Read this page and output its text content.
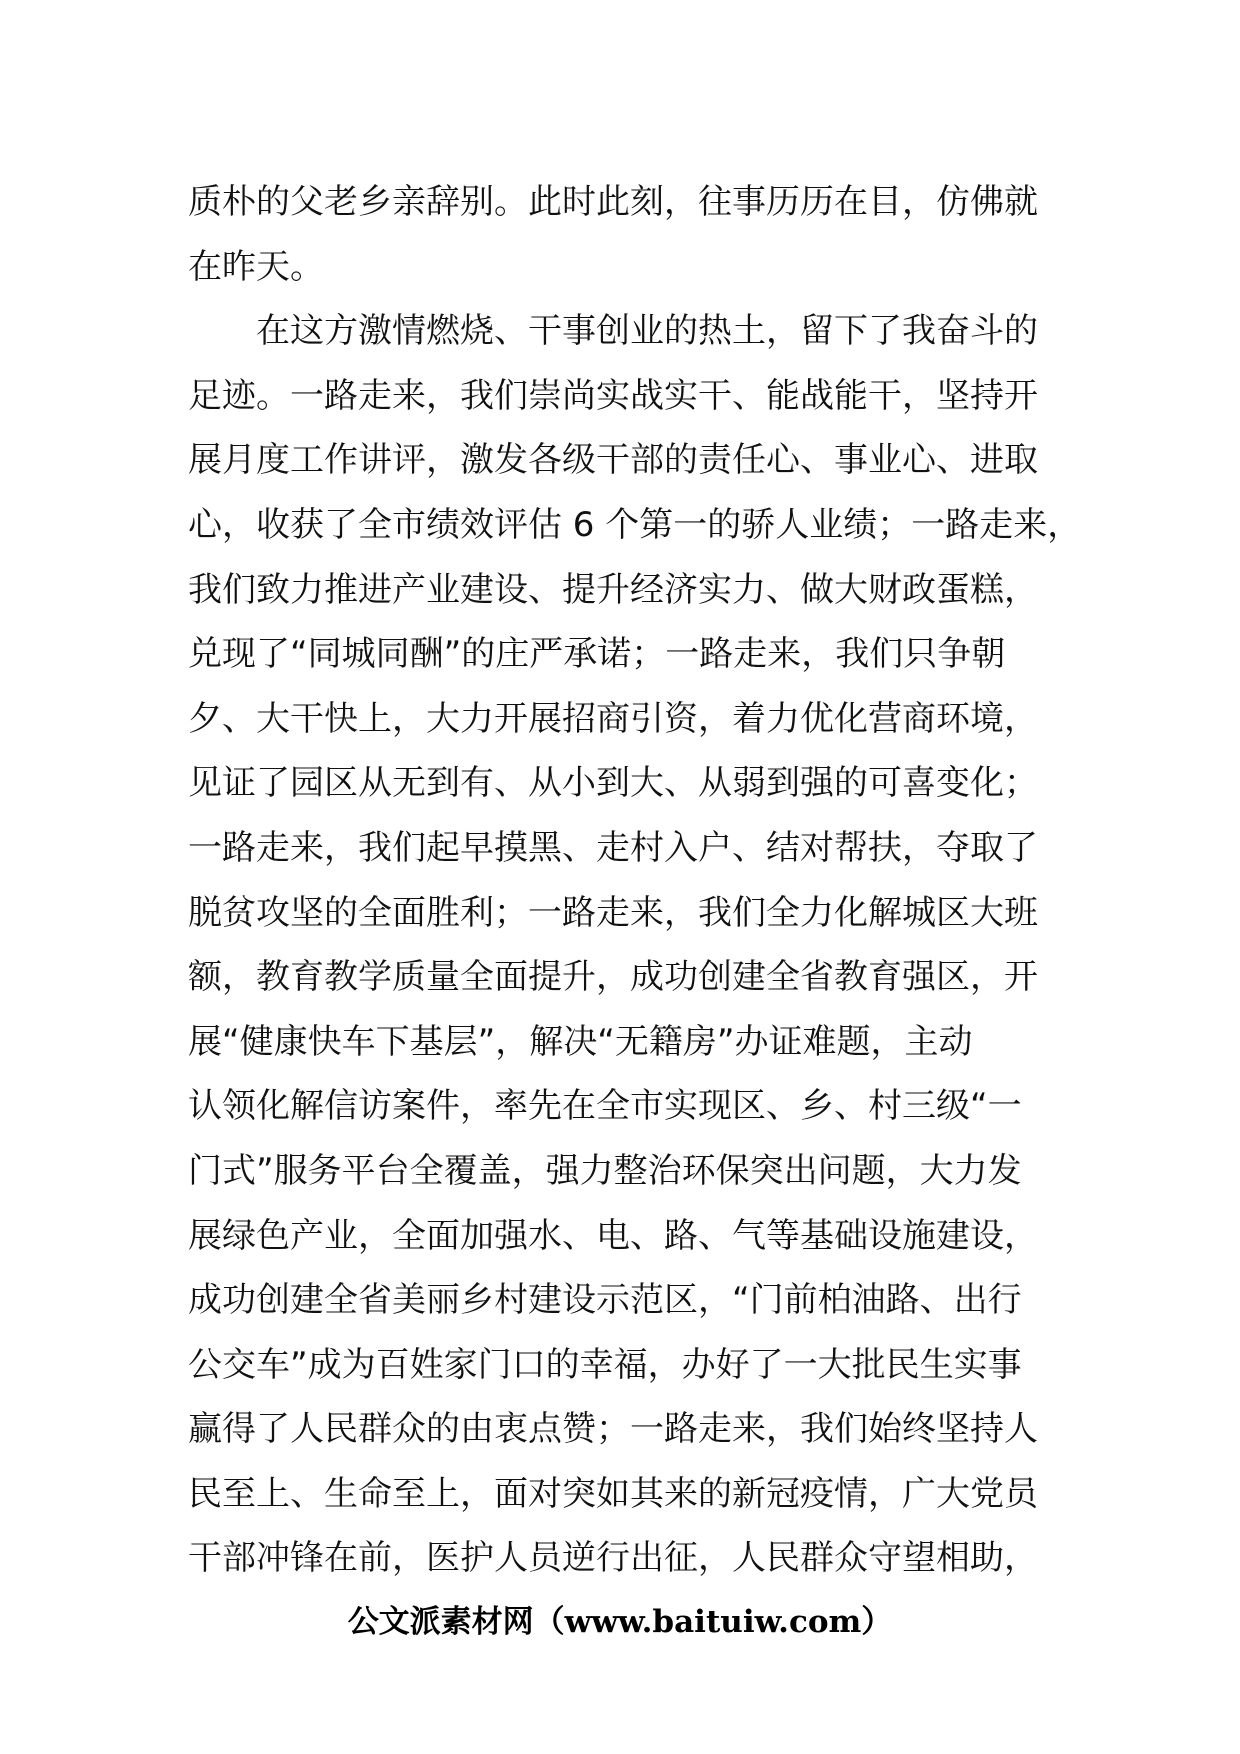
质朴的父老乡亲辞别。此时此刻，往事历历在目，仿佛就
在昨天。
在这方激情燃烧、干事创业的热土，留下了我奋斗的
足迹。一路走来，我们崇尚实战实干、能战能干，坚持开
展月度工作讲评，激发各级干部的责任心、事业心、进取
心，收获了全市绩效评估 6 个第一的骄人业绩；一路走来，
我们致力推进产业建设、提升经济实力、做大财政蛋糕，
兑现了“同城同酬”的庄严承诺；一路走来，我们只争朝
夕、大干快上，大力开展招商引资，着力优化营商环境，
见证了园区从无到有、从小到大、从弱到强的可喜变化；
一路走来，我们起早摸黑、走村入户、结对帮扶，夺取了
脱贫攻坚的全面胜利；一路走来，我们全力化解城区大班
额，教育教学质量全面提升，成功创建全省教育强区，开
展“健康快车下基层”，解决“无籍房”办证难题，主动
认领化解信访案件，率先在全市实现区、乡、村三级“一
门式”服务平台全覆盖，强力整治环保突出问题，大力发
展绿色产业，全面加强水、电、路、气等基础设施建设，
成功创建全省美丽乡村建设示范区，“门前柏油路、出行
公交车”成为百姓家门口的幸福，办好了一大批民生实事
赢得了人民群众的由衷点赞；一路走来，我们始终坚持人
民至上、生命至上，面对突如其来的新冠疫情，广大党员
干部冲锋在前，医护人员逆行出征，人民群众守望相助，
公文派素材网（www.baituiw.com）
